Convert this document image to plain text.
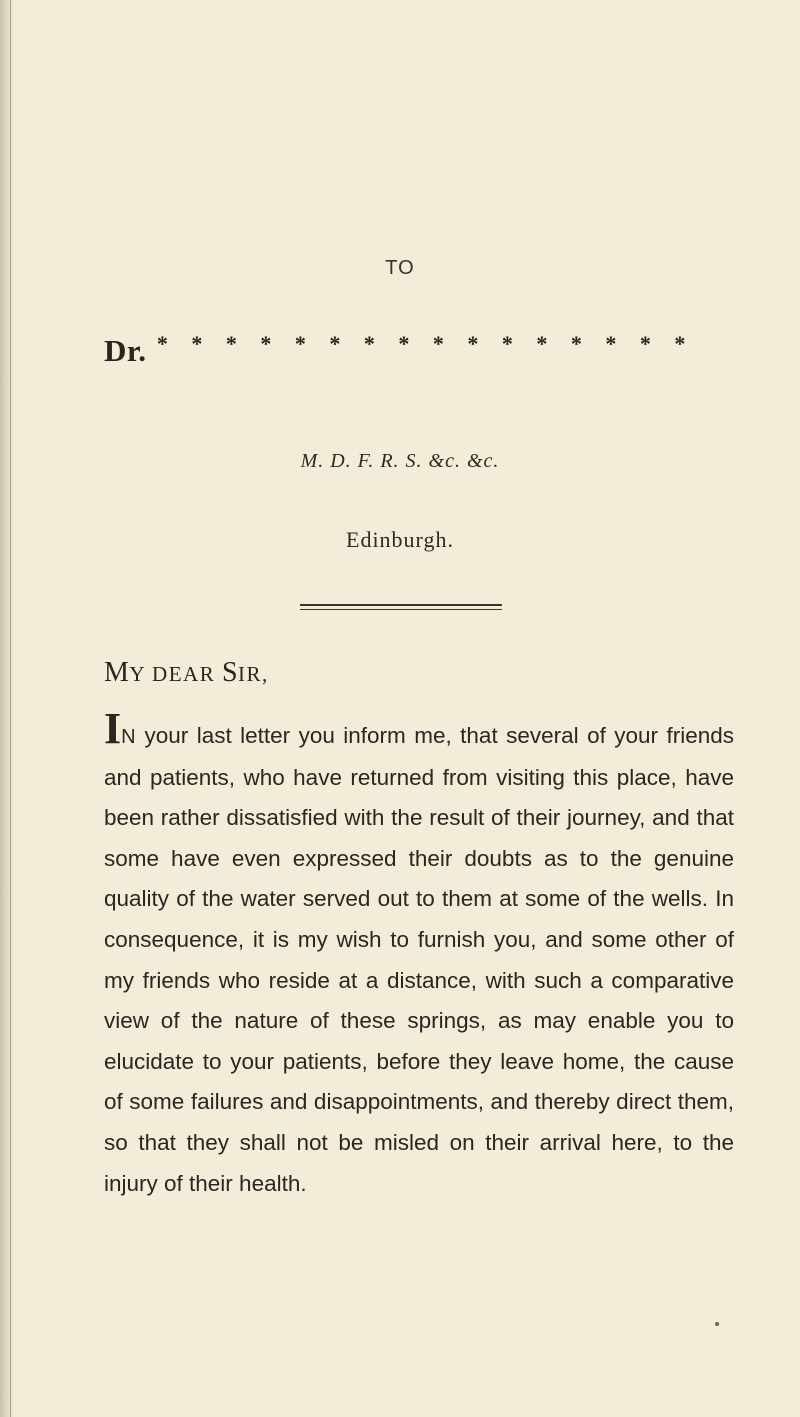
TO
Dr. * * * * * * * * * * * * * * * *
M. D. F. R. S. &c. &c.
Edinburgh.
MY DEAR SIR,
IN your last letter you inform me, that several of your friends and patients, who have returned from visiting this place, have been rather dissatisfied with the result of their journey, and that some have even expressed their doubts as to the genuine quality of the water served out to them at some of the wells. In consequence, it is my wish to furnish you, and some other of my friends who reside at a distance, with such a comparative view of the nature of these springs, as may enable you to elucidate to your patients, before they leave home, the cause of some failures and disappointments, and thereby direct them, so that they shall not be misled on their arrival here, to the injury of their health.
